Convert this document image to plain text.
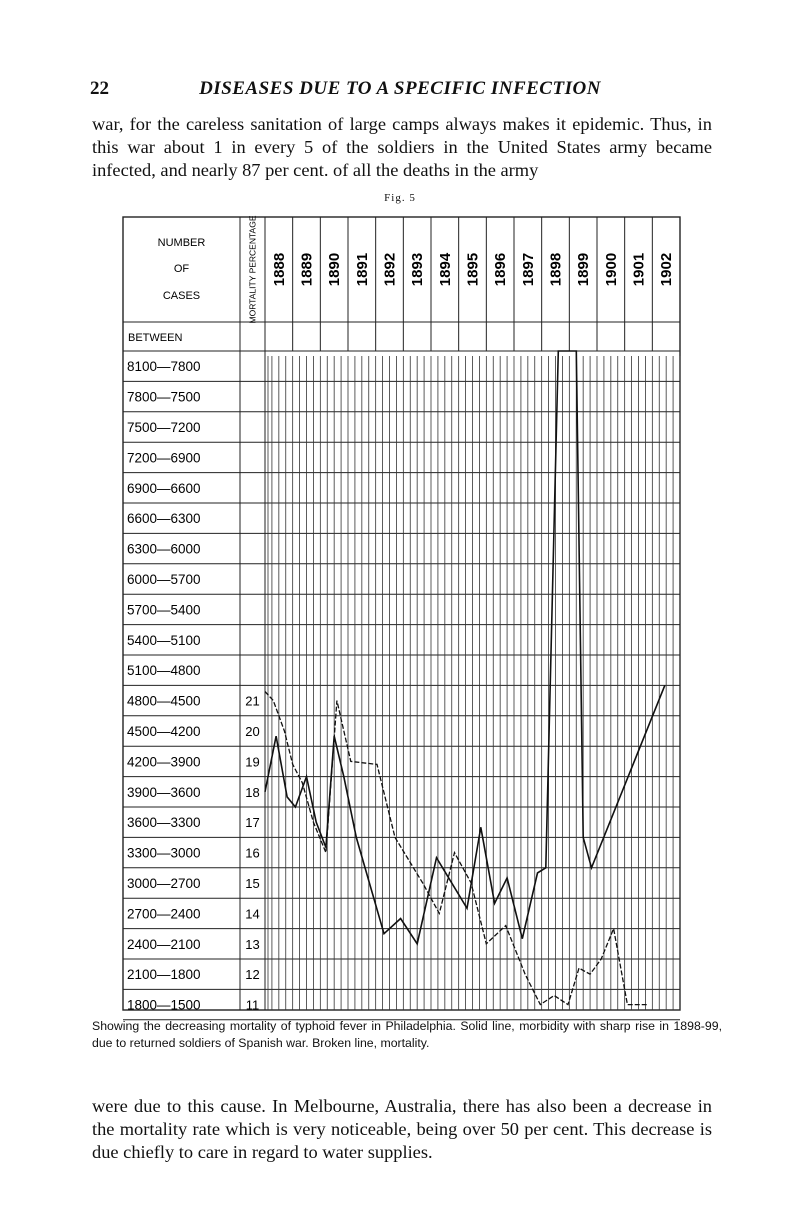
22	DISEASES DUE TO A SPECIFIC INFECTION
war, for the careless sanitation of large camps always makes it epidemic. Thus, in this war about 1 in every 5 of the soldiers in the United States army became infected, and nearly 87 per cent. of all the deaths in the army
Fig. 5
NUMBER
OF
CASES
BETWEEN
MORTALITY PERCENTAGE 1888 1889 1890 1891 1892 1893 1894 1895 1896 1897 1898 1899 1900 1901 1902
8100—7800
7800—7500
7500—7200
7200—6900
6900—6600
6600—6300
6300—6000
6000—5700
5700—5400
5400—5100
5100—4800
4800—4500
4500—4200
4200—3900
3900—3600
3600—3300
3300—3000
3000—2700
2700—2400
2400—2100
2100—1800
1800—1500
21
20
19
18
17
16
15
14
13
12
11
Showing the decreasing mortality of typhoid fever in Philadelphia. Solid line, morbidity with sharp rise in 1898-99, due to returned soldiers of Spanish war. Broken line, mortality.
were due to this cause. In Melbourne, Australia, there has also been a decrease in the mortality rate which is very noticeable, being over 50 per cent. This decrease is due chiefly to care in regard to water supplies.
